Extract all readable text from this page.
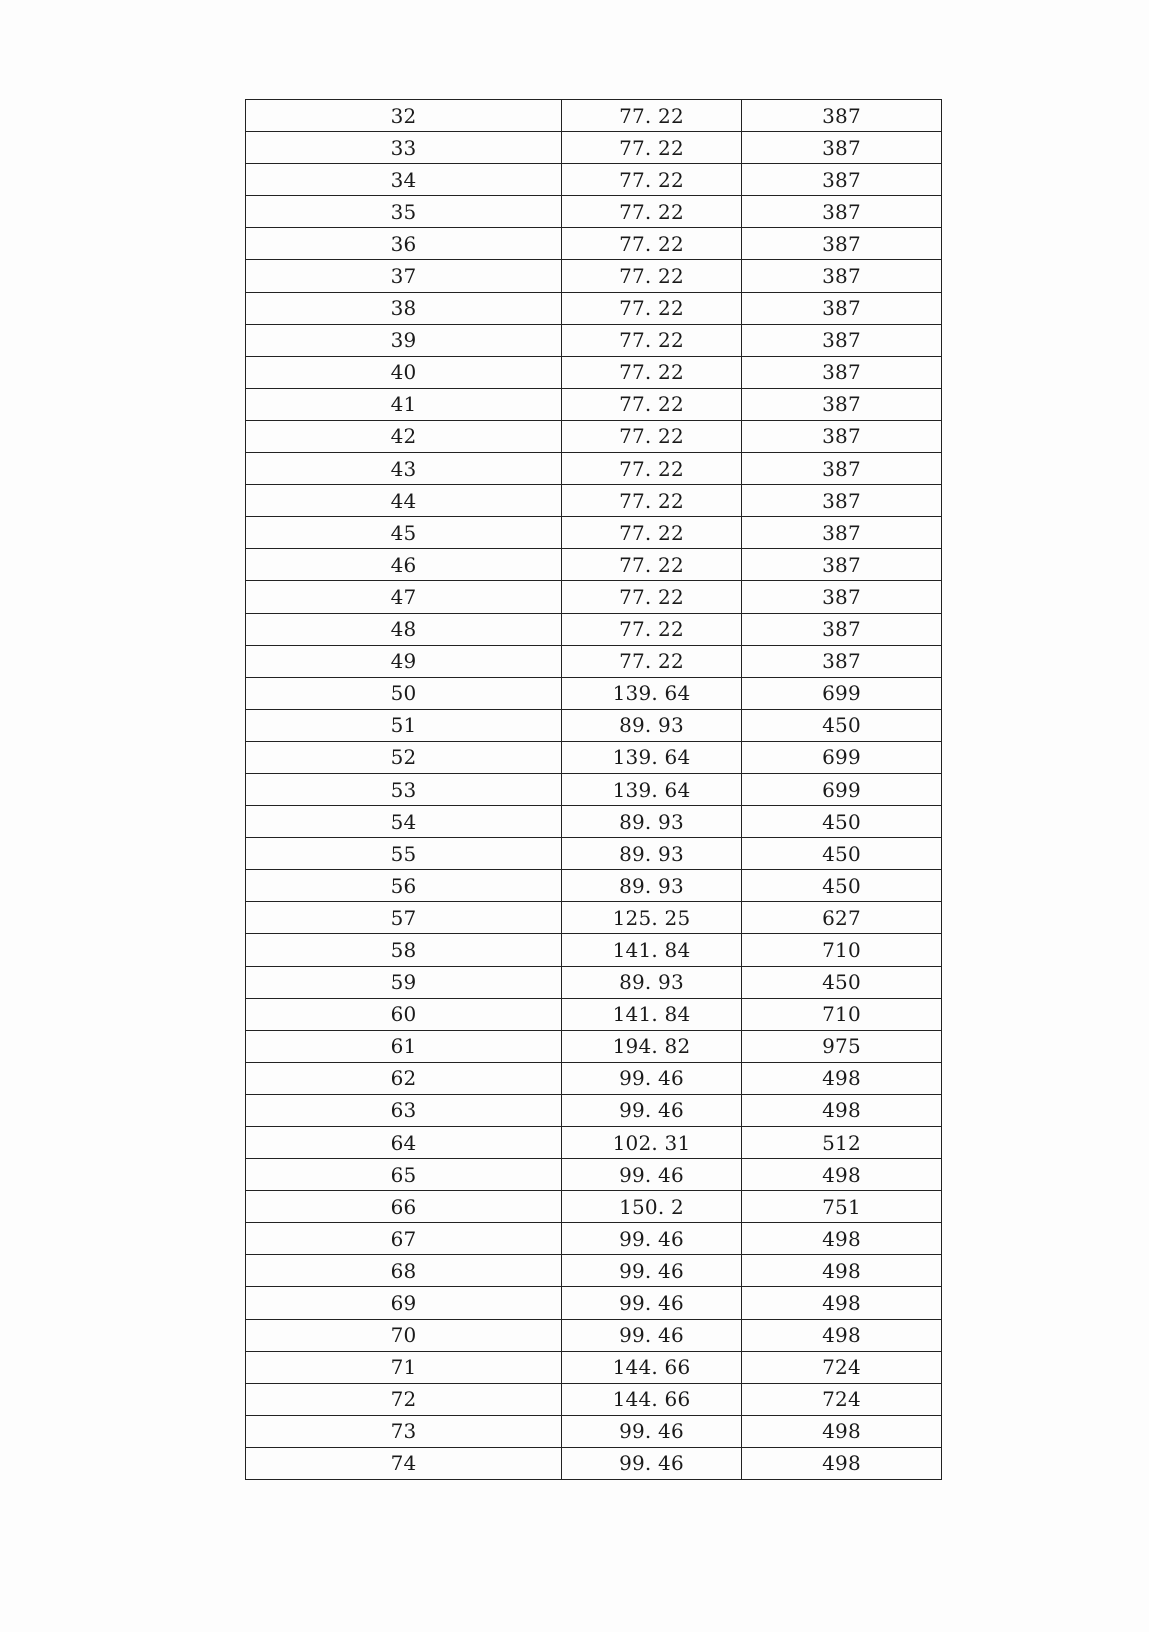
32	77. 22	387
33	77. 22	387
34	77. 22	387
35	77. 22	387
36	77. 22	387
37	77. 22	387
38	77. 22	387
39	77. 22	387
40	77. 22	387
41	77. 22	387
42	77. 22	387
43	77. 22	387
44	77. 22	387
45	77. 22	387
46	77. 22	387
47	77. 22	387
48	77. 22	387
49	77. 22	387
50	139. 64	699
51	89. 93	450
52	139. 64	699
53	139. 64	699
54	89. 93	450
55	89. 93	450
56	89. 93	450
57	125. 25	627
58	141. 84	710
59	89. 93	450
60	141. 84	710
61	194. 82	975
62	99. 46	498
63	99. 46	498
64	102. 31	512
65	99. 46	498
66	150. 2	751
67	99. 46	498
68	99. 46	498
69	99. 46	498
70	99. 46	498
71	144. 66	724
72	144. 66	724
73	99. 46	498
74	99. 46	498
